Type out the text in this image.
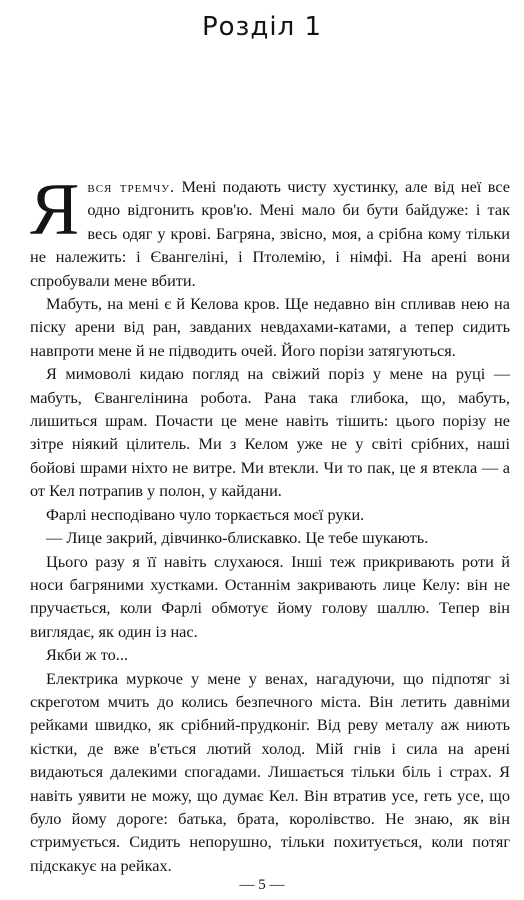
Розділ 1

Явся тремчу. Мені подають чисту хустинку, але від неї все одно відгонить кров'ю. Мені мало би бути байдуже: і так весь одяг у крові. Багряна, звісно, моя, а срібна кому тільки не належить: і Євангеліні, і Птолемію, і німфі. На арені вони спробували мене вбити.

Мабуть, на мені є й Келова кров. Ще недавно він спливав нею на піску арени від ран, завданих невдахами-катами, а тепер сидить навпроти мене й не підводить очей. Його порізи затягуються.

Я мимоволі кидаю погляд на свіжий поріз у мене на руці — мабуть, Євангелінина робота. Рана така глибока, що, мабуть, лишиться шрам. Почасти це мене навіть тішить: цього порізу не зітре ніякий цілитель. Ми з Келом уже не у світі срібних, наші бойові шрами ніхто не витре. Ми втекли. Чи то пак, це я втекла — а от Кел потрапив у полон, у кайдани.

Фарлі несподівано чуло торкається моєї руки.

— Лице закрий, дівчинко-блискавко. Це тебе шукають.

Цього разу я її навіть слухаюся. Інші теж прикривають роти й носи багряними хустками. Останнім закривають лице Келу: він не пручається, коли Фарлі обмотує йому голову шаллю. Тепер він виглядає, як один із нас.

Якби ж то...

Електрика муркоче у мене у венах, нагадуючи, що підпотяг зі скреготом мчить до колись безпечного міста. Він летить давніми рейками швидко, як срібний-прудконіг. Від реву металу аж ниють кістки, де вже в'ється лютий холод. Мій гнів і сила на арені видаються далекими спогадами. Лишається тільки біль і страх. Я навіть уявити не можу, що думає Кел. Він втратив усе, геть усе, що було йому дороге: батька, брата, королівство. Не знаю, як він стримується. Сидить непорушно, тільки похитується, коли потяг підскакує на рейках.

— 5 —
